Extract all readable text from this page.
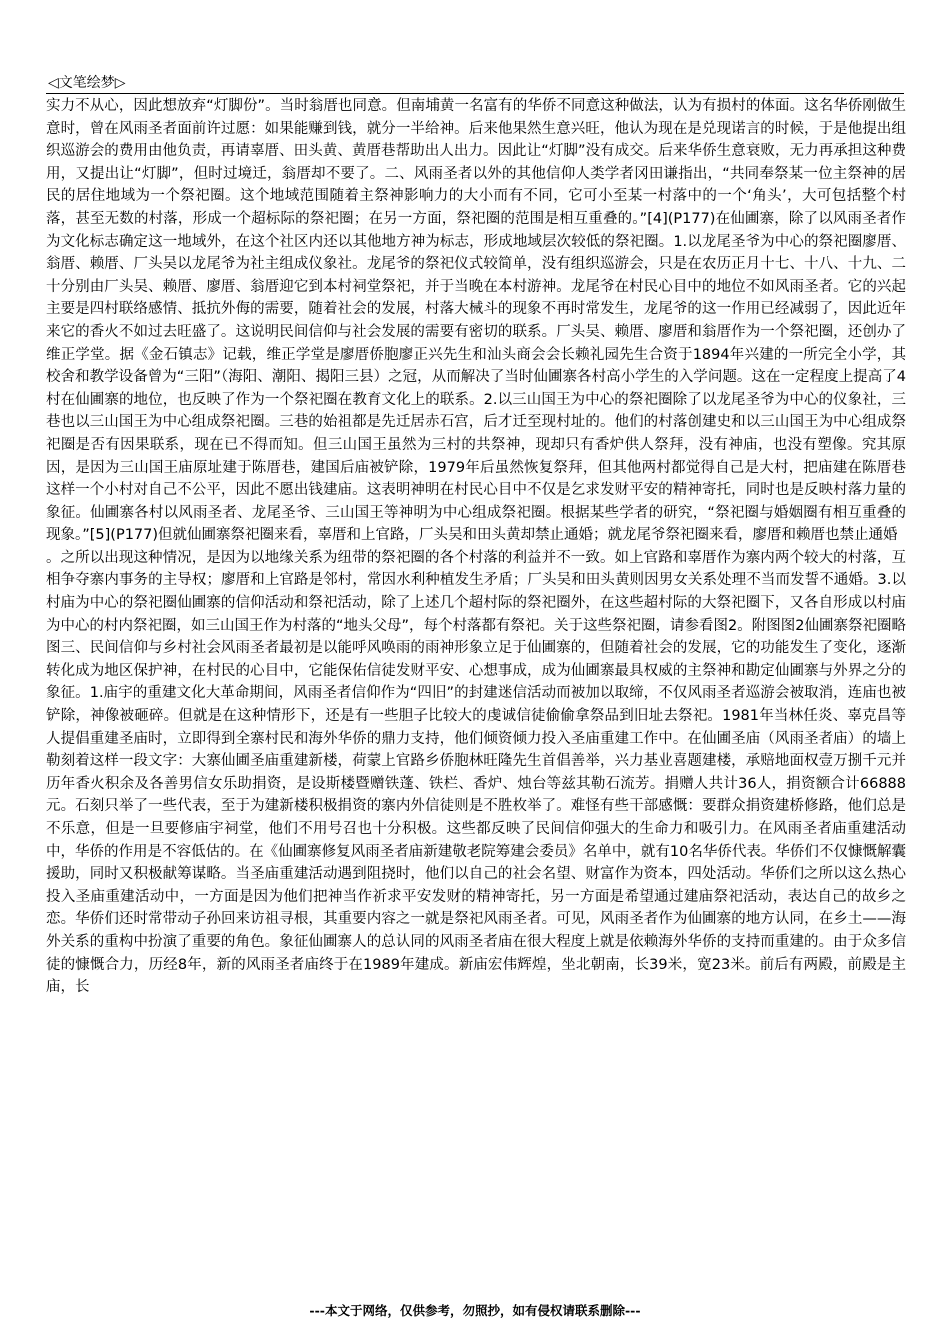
◁文笔绘梦▷

实力不从心，因此想放弃“灯脚份”。当时翁厝也同意。但南埔黄一名富有的华侨不同意这种做法，认为有损村的体面。这名华侨刚做生意时，曾在风雨圣者面前许过愿：如果能赚到钱，就分一半给神。后来他果然生意兴旺，他认为现在是兑现诺言的时候，于是他提出组织巡游会的费用由他负责，再请辜厝、田头黄、黄厝巷帮助出人出力。因此让“灯脚”没有成交。后来华侨生意衰败，无力再承担这种费用，又提出让“灯脚”，但时过境迁，翁厝却不要了。二、风雨圣者以外的其他信仰人类学者冈田谦指出，“共同奉祭某一位主祭神的居民的居住地域为一个祭祀圈。这个地域范围随着主祭神影响力的大小而有不同，它可小至某一村落中的一个‘角头’，大可包括整个村落，甚至无数的村落，形成一个超标际的祭祀圈；在另一方面，祭祀圈的范围是相互重叠的。”[4](P177)在仙圃寨，除了以风雨圣者作为文化标志确定这一地域外，在这个社区内还以其他地方神为标志，形成地域层次较低的祭祀圈。1.以龙尾圣爷为中心的祭祀圈廖厝、翁厝、赖厝、厂头吴以龙尾爷为社主组成仪象社。龙尾爷的祭祀仪式较简单，没有组织巡游会，只是在农历正月十七、十八、十九、二十分别由厂头吴、赖厝、廖厝、翁厝迎它到本村祠堂祭祀，并于当晚在本村游神。龙尾爷在村民心目中的地位不如风雨圣者。它的兴起主要是四村联络感情、抵抗外侮的需要，随着社会的发展，村落大械斗的现象不再时常发生，龙尾爷的这一作用已经减弱了，因此近年来它的香火不如过去旺盛了。这说明民间信仰与社会发展的需要有密切的联系。厂头吴、赖厝、廖厝和翁厝作为一个祭祀圈，还创办了维正学堂。据《金石镇志》记载，维正学堂是廖厝侨胞廖正兴先生和汕头商会会长赖礼园先生合资于1894年兴建的一所完全小学，其校舍和教学设备曾为“三阳”（海阳、潮阳、揭阳三县）之冠，从而解决了当时仙圃寨各村高小学生的入学问题。这在一定程度上提高了4村在仙圃寨的地位，也反映了作为一个祭祀圈在教育文化上的联系。2.以三山国王为中心的祭祀圈除了以龙尾圣爷为中心的仪象社，三巷也以三山国王为中心组成祭祀圈。三巷的始祖都是先迁居赤石宫，后才迁至现村址的。他们的村落创建史和以三山国王为中心组成祭祀圈是否有因果联系，现在已不得而知。但三山国王虽然为三村的共祭神，现却只有香炉供人祭拜，没有神庙，也没有塑像。究其原因，是因为三山国王庙原址建于陈厝巷，建国后庙被铲除，1979年后虽然恢复祭拜，但其他两村都觉得自己是大村，把庙建在陈厝巷这样一个小村对自己不公平，因此不愿出钱建庙。这表明神明在村民心目中不仅是乞求发财平安的精神寄托，同时也是反映村落力量的象征。仙圃寨各村以风雨圣者、龙尾圣爷、三山国王等神明为中心组成祭祀圈。根据某些学者的研究，“祭祀圈与婚姻圈有相互重叠的现象。”[5](P177)但就仙圃寨祭祀圈来看，辜厝和上官路，厂头吴和田头黄却禁止通婚；就龙尾爷祭祀圈来看，廖厝和赖厝也禁止通婚

。之所以出现这种情况，是因为以地缘关系为纽带的祭祀圈的各个村落的利益并不一致。如上官路和辜厝作为寨内两个较大的村落，互相争夺寨内事务的主导权；廖厝和上官路是邻村，常因水利种植发生矛盾；厂头吴和田头黄则因男女关系处理不当而发誓不通婚。3.以村庙为中心的祭祀圈仙圃寨的信仰活动和祭祀活动，除了上述几个超村际的祭祀圈外，在这些超村际的大祭祀圈下，又各自形成以村庙为中心的村内祭祀圈，如三山国王作为村落的“地头父母”，每个村落都有祭祀。关于这些祭祀圈，请参看图2。附图图2仙圃寨祭祀圈略图三、民间信仰与乡村社会风雨圣者最初是以能呼风唤雨的雨神形象立足于仙圃寨的，但随着社会的发展，它的功能发生了变化，逐渐转化成为地区保护神，在村民的心目中，它能保佑信徒发财平安、心想事成，成为仙圃寨最具权威的主祭神和勘定仙圃寨与外界之分的象征。1.庙宇的重建文化大革命期间，风雨圣者信仰作为“四旧”的封建迷信活动而被加以取缔，不仅风雨圣者巡游会被取消，连庙也被铲除，神像被砸碎。但就是在这种情形下，还是有一些胆子比较大的虔诚信徒偷偷拿祭品到旧址去祭祀。1981年当林任炎、辜克昌等人提倡重建圣庙时，立即得到全寨村民和海外华侨的鼎力支持，他们倾资倾力投入圣庙重建工作中。在仙圃圣庙（风雨圣者庙）的墙上勒刻着这样一段文字：大寨仙圃圣庙重建新楼，荷蒙上官路乡侨胞林旺隆先生首倡善举，兴力基业喜题建楼，承赔地面权壹万捌千元并历年香火积余及各善男信女乐助捐资，是设斯楼暨赠铁蓬、铁栏、香炉、烛台等兹其勒石流芳。捐赠人共计36人，捐资额合计66888元。石刻只举了一些代表，至于为建新楼积极捐资的寨内外信徒则是不胜枚举了。难怪有些干部感慨：要群众捐资建桥修路，他们总是不乐意，但是一旦要修庙宇祠堂，他们不用号召也十分积极。这些都反映了民间信仰强大的生命力和吸引力。在风雨圣者庙重建活动中，华侨的作用是不容低估的。在《仙圃寨修复风雨圣者庙新建敬老院筹建会委员》名单中，就有10名华侨代表。华侨们不仅慷慨解囊援助，同时又积极献筹谋略。当圣庙重建活动遇到阻挠时，他们以自己的社会名望、财富作为资本，四处活动。华侨们之所以这么热心投入圣庙重建活动中，一方面是因为他们把神当作祈求平安发财的精神寄托，另一方面是希望通过建庙祭祀活动，表达自己的故乡之恋。华侨们还时常带动子孙回来访祖寻根，其重要内容之一就是祭祀风雨圣者。可见，风雨圣者作为仙圃寨的地方认同，在乡土——海外关系的重构中扮演了重要的角色。象征仙圃寨人的总认同的风雨圣者庙在很大程度上就是依赖海外华侨的支持而重建的。由于众多信徒的慷慨合力，历经8年，新的风雨圣者庙终于在1989年建成。新庙宏伟辉煌，坐北朝南，长39米，宽23米。前后有两殿，前殿是主庙，长

---本文于网络，仅供参考，勿照抄，如有侵权请联系删除---
